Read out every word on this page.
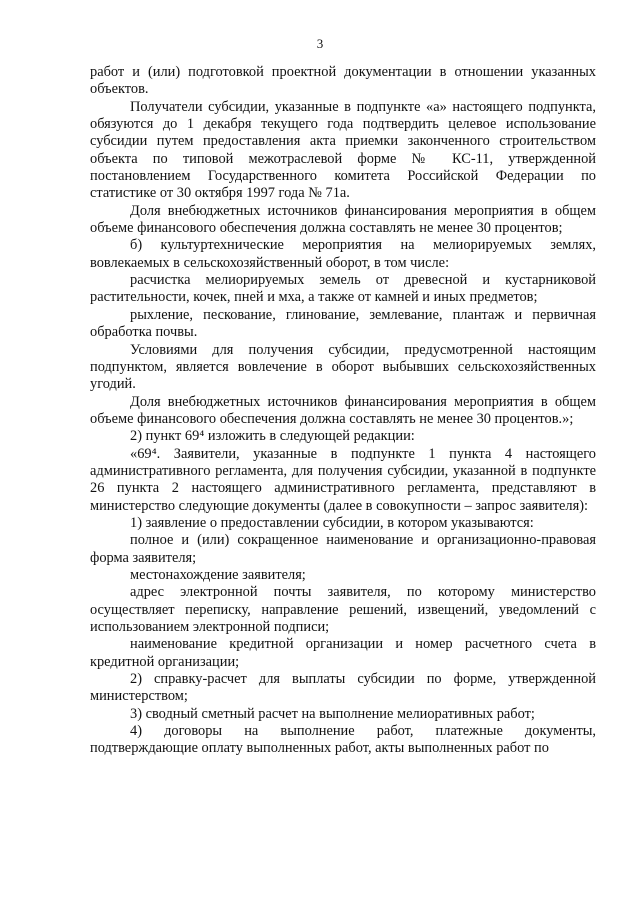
3

работ и (или) подготовкой проектной документации в отношении указанных объектов.

Получатели субсидии, указанные в подпункте «а» настоящего подпункта, обязуются до 1 декабря текущего года подтвердить целевое использование субсидии путем предоставления акта приемки законченного строительством объекта по типовой межотраслевой форме № КС-11, утвержденной постановлением Государственного комитета Российской Федерации по статистике от 30 октября 1997 года № 71а.

Доля внебюджетных источников финансирования мероприятия в общем объеме финансового обеспечения должна составлять не менее 30 процентов;

б) культуртехнические мероприятия на мелиорируемых землях, вовлекаемых в сельскохозяйственный оборот, в том числе:

расчистка мелиорируемых земель от древесной и кустарниковой растительности, кочек, пней и мха, а также от камней и иных предметов;

рыхление, пескование, глинование, землевание, плантаж и первичная обработка почвы.

Условиями для получения субсидии, предусмотренной настоящим подпунктом, является вовлечение в оборот выбывших сельскохозяйственных угодий.

Доля внебюджетных источников финансирования мероприятия в общем объеме финансового обеспечения должна составлять не менее 30 процентов.»;

2) пункт 69⁴ изложить в следующей редакции:

«69⁴. Заявители, указанные в подпункте 1 пункта 4 настоящего административного регламента, для получения субсидии, указанной в подпункте 26 пункта 2 настоящего административного регламента, представляют в министерство следующие документы (далее в совокупности – запрос заявителя):

1) заявление о предоставлении субсидии, в котором указываются:

полное и (или) сокращенное наименование и организационно-правовая форма заявителя;

местонахождение заявителя;

адрес электронной почты заявителя, по которому министерство осуществляет переписку, направление решений, извещений, уведомлений с использованием электронной подписи;

наименование кредитной организации и номер расчетного счета в кредитной организации;

2) справку-расчет для выплаты субсидии по форме, утвержденной министерством;

3) сводный сметный расчет на выполнение мелиоративных работ;

4) договоры на выполнение работ, платежные документы, подтверждающие оплату выполненных работ, акты выполненных работ по
